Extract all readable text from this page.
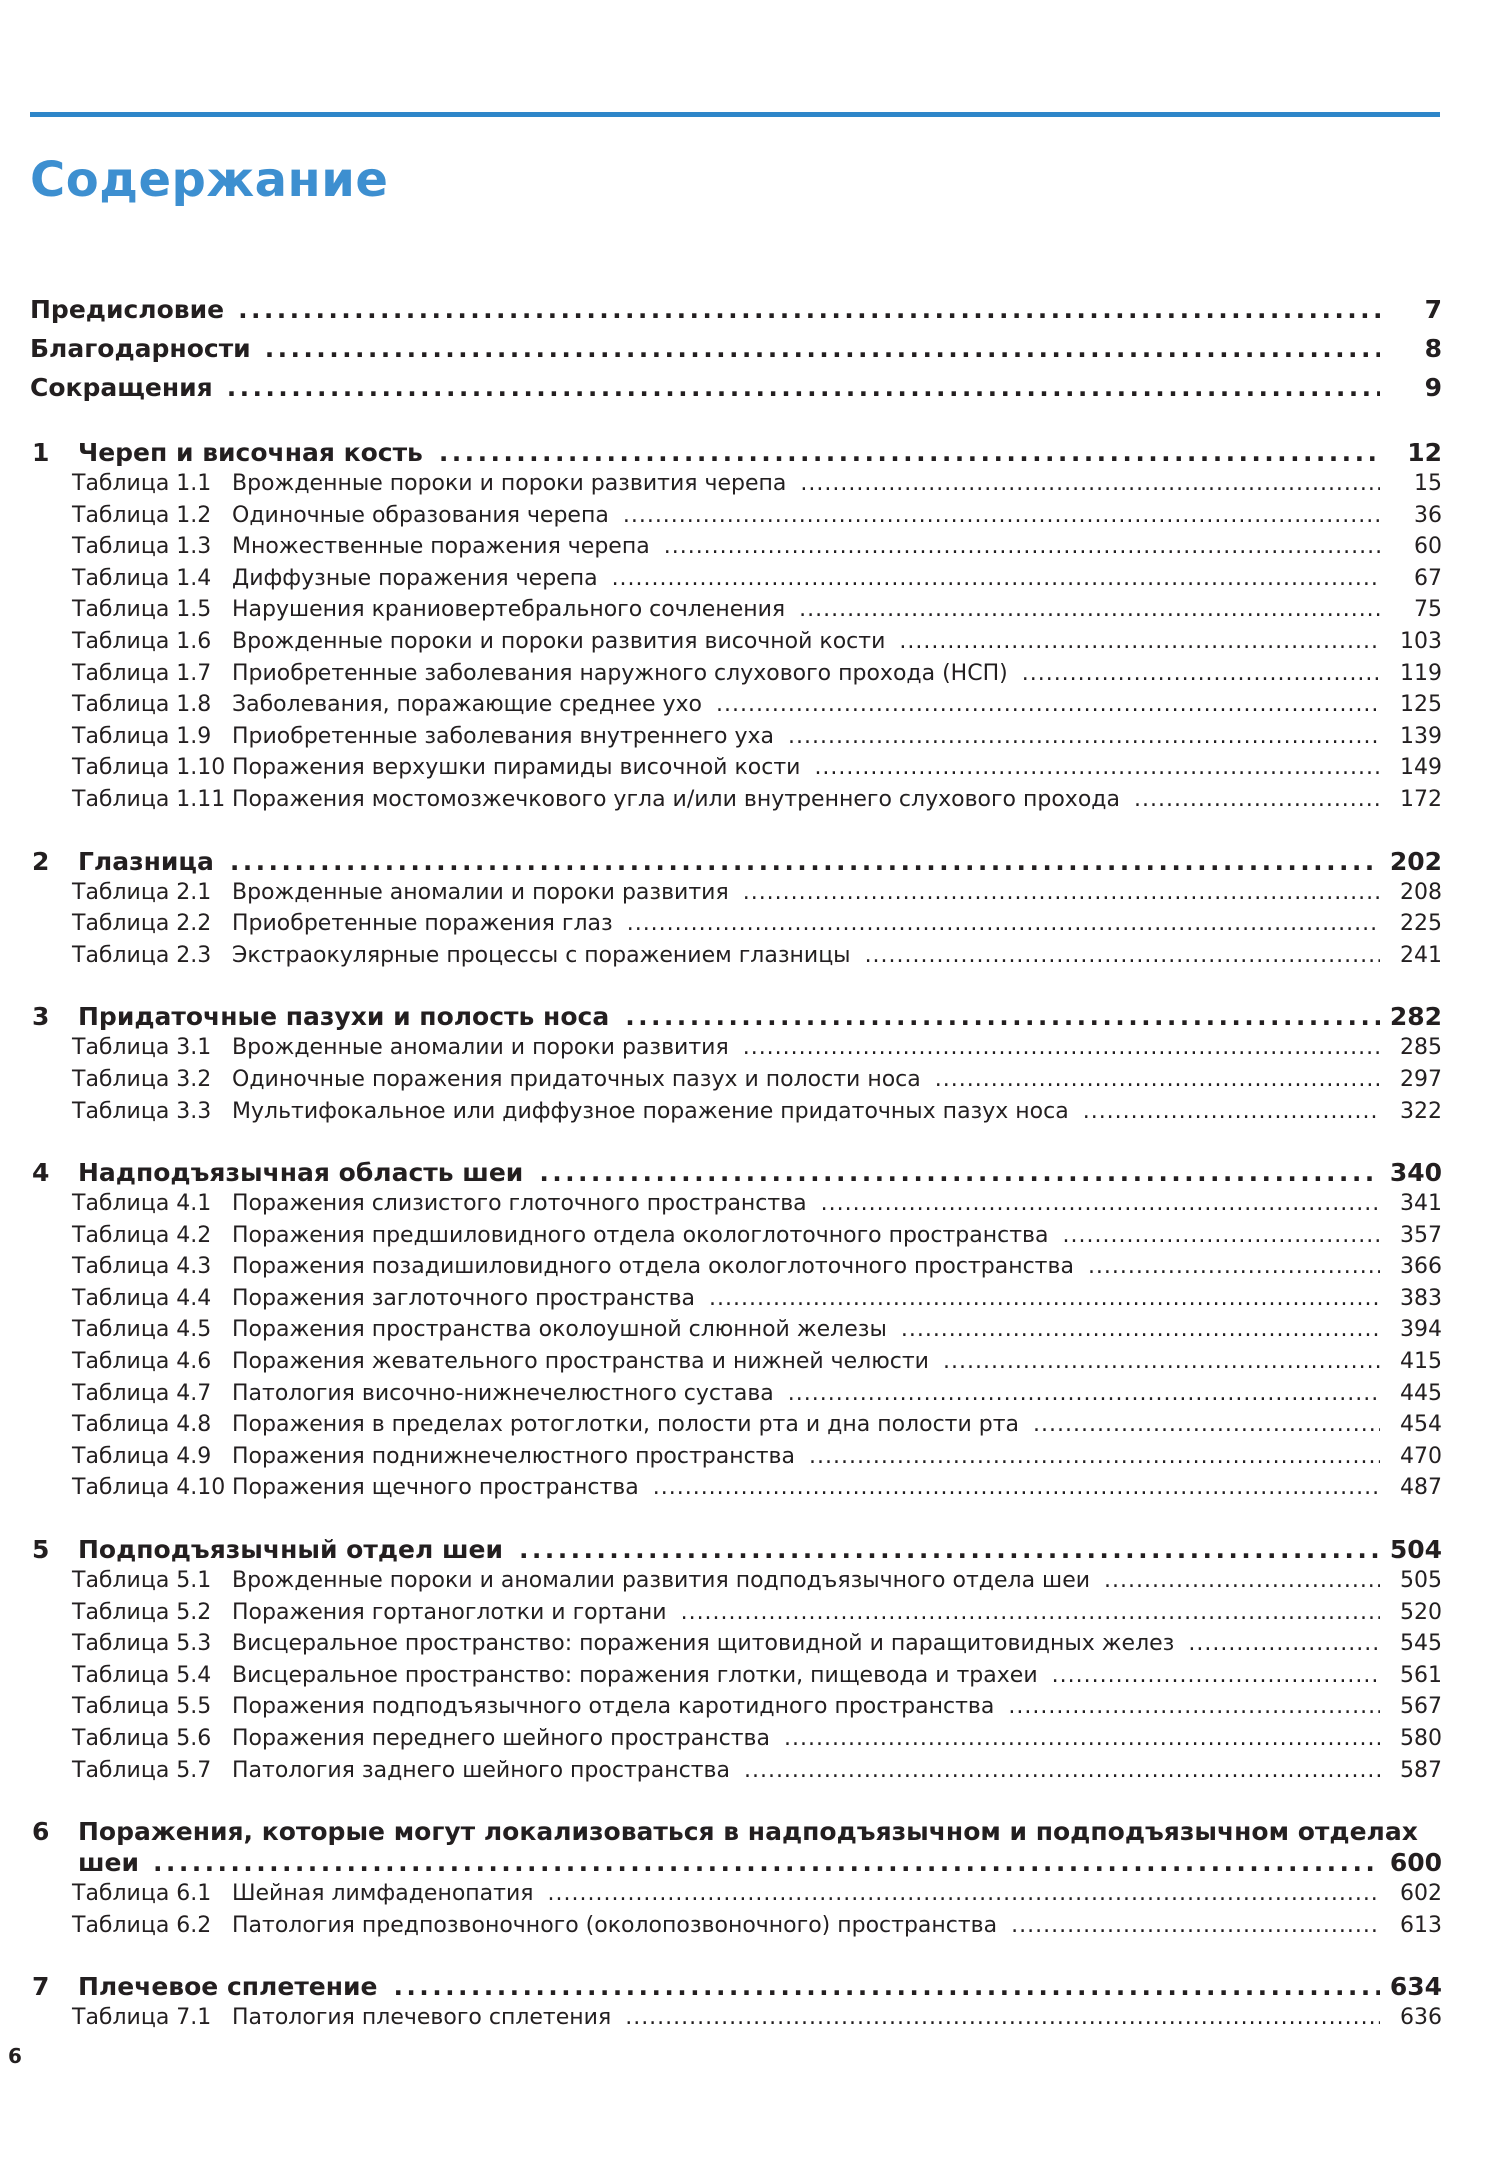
Содержание
Предисловие .....	7
Благодарности .....	8
Сокращения .....	9
1	Череп и височная кость .....	12
Таблица 1.1 Врожденные пороки и пороки развития черепа .....	15
Таблица 1.2 Одиночные образования черепа .....	36
Таблица 1.3 Множественные поражения черепа .....	60
Таблица 1.4 Диффузные поражения черепа .....	67
Таблица 1.5 Нарушения краниовертебрального сочленения .....	75
Таблица 1.6 Врожденные пороки и пороки развития височной кости .....	103
Таблица 1.7 Приобретенные заболевания наружного слухового прохода (НСП) .....	119
Таблица 1.8 Заболевания, поражающие среднее ухо .....	125
Таблица 1.9 Приобретенные заболевания внутреннего уха .....	139
Таблица 1.10 Поражения верхушки пирамиды височной кости .....	149
Таблица 1.11 Поражения мостомозжечкового угла и/или внутреннего слухового прохода .....	172
2	Глазница .....	202
Таблица 2.1 Врожденные аномалии и пороки развития .....	208
Таблица 2.2 Приобретенные поражения глаз .....	225
Таблица 2.3 Экстраокулярные процессы с поражением глазницы .....	241
3	Придаточные пазухи и полость носа .....	282
Таблица 3.1 Врожденные аномалии и пороки развития .....	285
Таблица 3.2 Одиночные поражения придаточных пазух и полости носа .....	297
Таблица 3.3 Мультифокальное или диффузное поражение придаточных пазух носа .....	322
4	Надподъязычная область шеи .....	340
Таблица 4.1 Поражения слизистого глоточного пространства .....	341
Таблица 4.2 Поражения предшиловидного отдела окологлоточного пространства .....	357
Таблица 4.3 Поражения позадишиловидного отдела окологлоточного пространства .....	366
Таблица 4.4 Поражения заглоточного пространства .....	383
Таблица 4.5 Поражения пространства околоушной слюнной железы .....	394
Таблица 4.6 Поражения жевательного пространства и нижней челюсти .....	415
Таблица 4.7 Патология височно-нижнечелюстного сустава .....	445
Таблица 4.8 Поражения в пределах ротоглотки, полости рта и дна полости рта .....	454
Таблица 4.9 Поражения поднижнечелюстного пространства .....	470
Таблица 4.10 Поражения щечного пространства .....	487
5	Подподъязычный отдел шеи .....	504
Таблица 5.1 Врожденные пороки и аномалии развития подподъязычного отдела шеи .....	505
Таблица 5.2 Поражения гортаноглотки и гортани .....	520
Таблица 5.3 Висцеральное пространство: поражения щитовидной и паращитовидных желез .....	545
Таблица 5.4 Висцеральное пространство: поражения глотки, пищевода и трахеи .....	561
Таблица 5.5 Поражения подподъязычного отдела каротидного пространства .....	567
Таблица 5.6 Поражения переднего шейного пространства .....	580
Таблица 5.7 Патология заднего шейного пространства .....	587
6	Поражения, которые могут локализоваться в надподъязычном и подподъязычном отделах
шеи .....	600
Таблица 6.1 Шейная лимфаденопатия .....	602
Таблица 6.2 Патология предпозвоночного (околопозвоночного) пространства .....	613
7	Плечевое сплетение .....	634
Таблица 7.1 Патология плечевого сплетения .....	636
6
